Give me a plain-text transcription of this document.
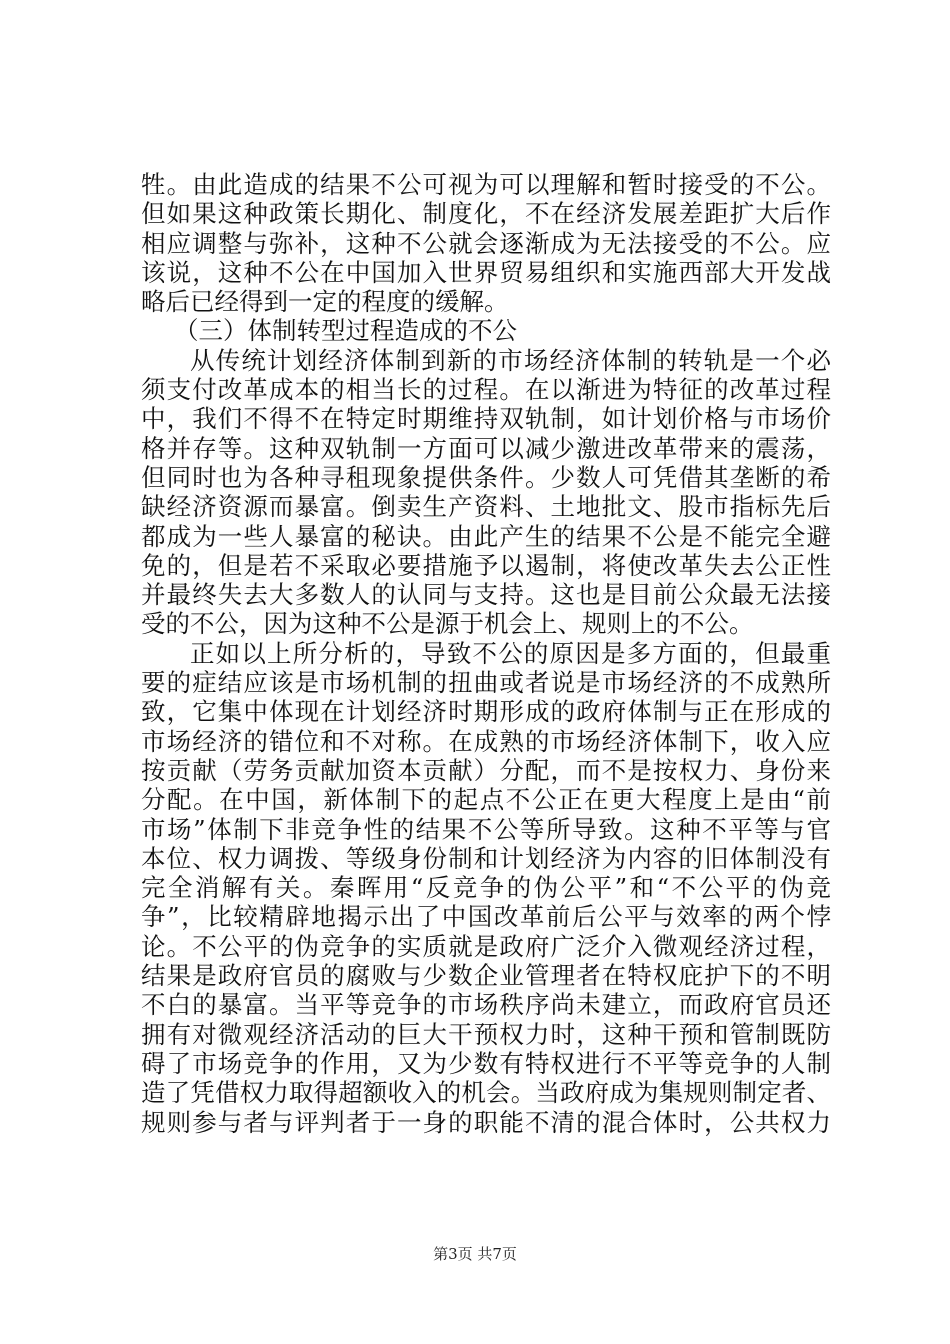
牲。由此造成的结果不公可视为可以理解和暂时接受的不公。
但如果这种政策长期化、制度化，不在经济发展差距扩大后作
相应调整与弥补，这种不公就会逐渐成为无法接受的不公。应
该说，这种不公在中国加入世界贸易组织和实施西部大开发战
略后已经得到一定的程度的缓解。
（三）体制转型过程造成的不公
从传统计划经济体制到新的市场经济体制的转轨是一个必
须支付改革成本的相当长的过程。在以渐进为特征的改革过程
中，我们不得不在特定时期维持双轨制，如计划价格与市场价
格并存等。这种双轨制一方面可以减少激进改革带来的震荡，
但同时也为各种寻租现象提供条件。少数人可凭借其垄断的希
缺经济资源而暴富。倒卖生产资料、土地批文、股市指标先后
都成为一些人暴富的秘诀。由此产生的结果不公是不能完全避
免的，但是若不采取必要措施予以遏制，将使改革失去公正性
并最终失去大多数人的认同与支持。这也是目前公众最无法接
受的不公，因为这种不公是源于机会上、规则上的不公。
正如以上所分析的，导致不公的原因是多方面的，但最重
要的症结应该是市场机制的扭曲或者说是市场经济的不成熟所
致，它集中体现在计划经济时期形成的政府体制与正在形成的
市场经济的错位和不对称。在成熟的市场经济体制下，收入应
按贡献（劳务贡献加资本贡献）分配，而不是按权力、身份来
分配。在中国，新体制下的起点不公正在更大程度上是由“前
市场”体制下非竞争性的结果不公等所导致。这种不平等与官
本位、权力调拨、等级身份制和计划经济为内容的旧体制没有
完全消解有关。秦晖用“反竞争的伪公平”和“不公平的伪竞
争”，比较精辟地揭示出了中国改革前后公平与效率的两个悖
论。不公平的伪竞争的实质就是政府广泛介入微观经济过程，
结果是政府官员的腐败与少数企业管理者在特权庇护下的不明
不白的暴富。当平等竞争的市场秩序尚未建立，而政府官员还
拥有对微观经济活动的巨大干预权力时，这种干预和管制既防
碍了市场竞争的作用，又为少数有特权进行不平等竞争的人制
造了凭借权力取得超额收入的机会。当政府成为集规则制定者、
规则参与者与评判者于一身的职能不清的混合体时，公共权力
第3页 共7页
